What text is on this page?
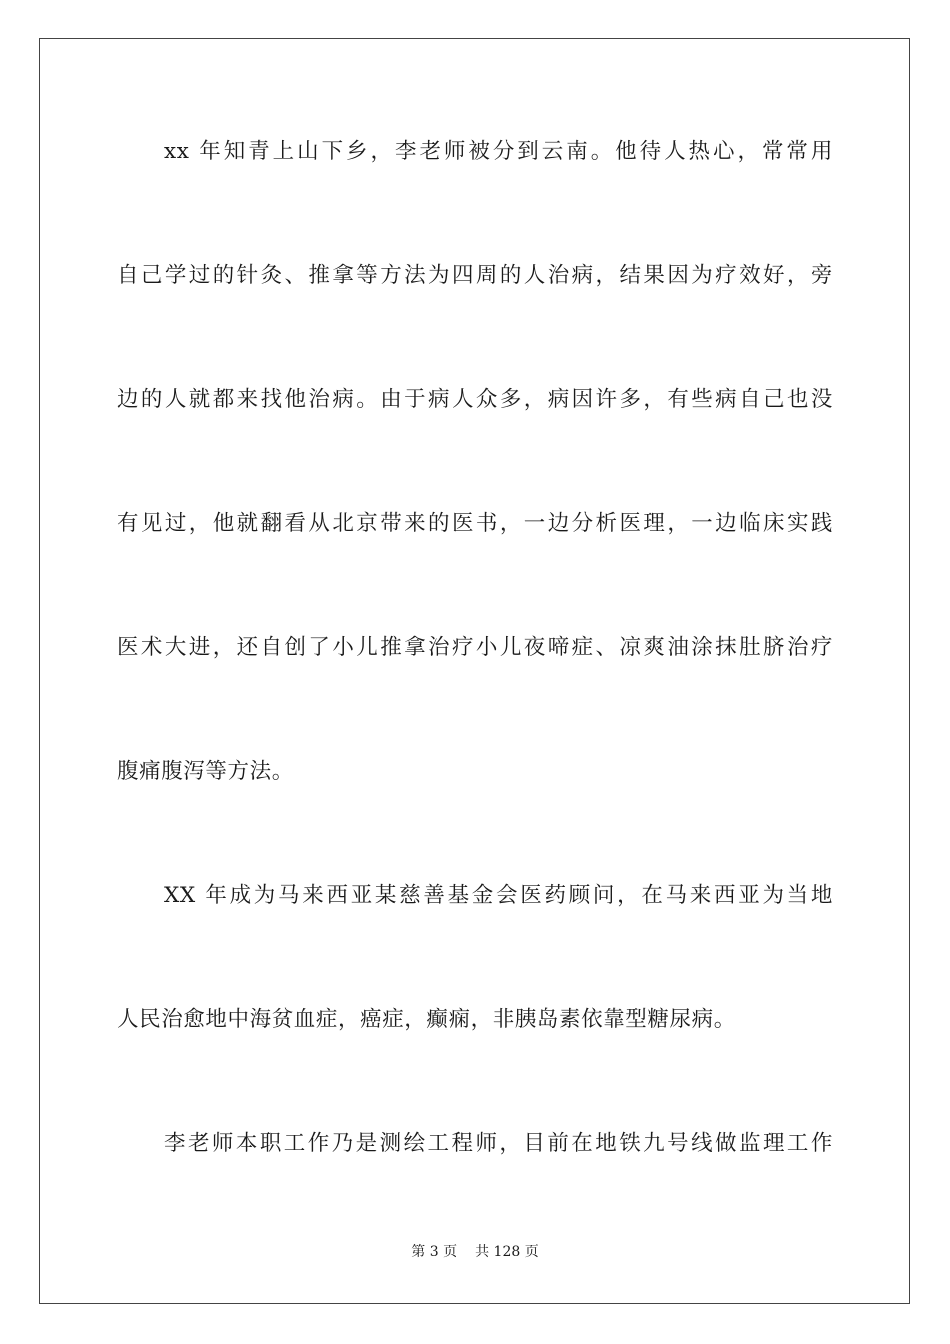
xx 年知青上山下乡，李老师被分到云南。他待人热心，常常用
自己学过的针灸、推拿等方法为四周的人治病，结果因为疗效好，旁
边的人就都来找他治病。由于病人众多，病因许多，有些病自己也没
有见过，他就翻看从北京带来的医书，一边分析医理，一边临床实践
医术大进，还自创了小儿推拿治疗小儿夜啼症、凉爽油涂抹肚脐治疗
腹痛腹泻等方法。
XX 年成为马来西亚某慈善基金会医药顾问，在马来西亚为当地
人民治愈地中海贫血症，癌症，癫痫，非胰岛素依靠型糖尿病。
李老师本职工作乃是测绘工程师，目前在地铁九号线做监理工作
第 3 页 共 128 页
